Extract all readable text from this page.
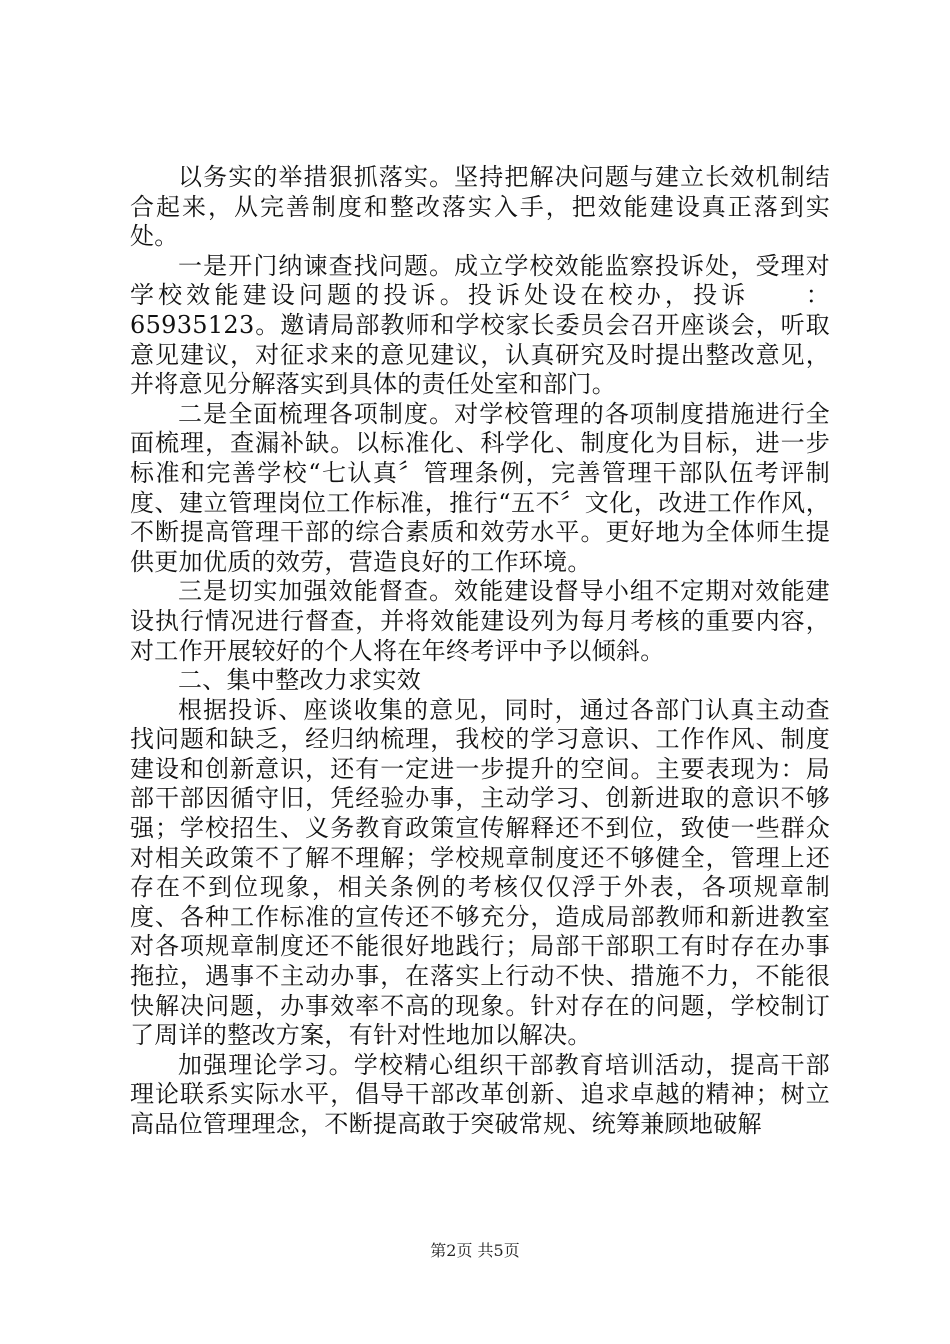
以务实的举措狠抓落实。坚持把解决问题与建立长效机制结合起来，从完善制度和整改落实入手，把效能建设真正落到实处。

一是开门纳谏查找问题。成立学校效能监察投诉处，受理对学校效能建设问题的投诉。投诉处设在校办，投诉　　：65935123。邀请局部教师和学校家长委员会召开座谈会，听取意见建议，对征求来的意见建议，认真研究及时提出整改意见，并将意见分解落实到具体的责任处室和部门。

二是全面梳理各项制度。对学校管理的各项制度措施进行全面梳理，查漏补缺。以标准化、科学化、制度化为目标，进一步标准和完善学校“七认真〞管理条例，完善管理干部队伍考评制度、建立管理岗位工作标准，推行“五不〞文化，改进工作作风，不断提高管理干部的综合素质和效劳水平。更好地为全体师生提供更加优质的效劳，营造良好的工作环境。

三是切实加强效能督查。效能建设督导小组不定期对效能建设执行情况进行督查，并将效能建设列为每月考核的重要内容，对工作开展较好的个人将在年终考评中予以倾斜。

二、集中整改力求实效

根据投诉、座谈收集的意见，同时，通过各部门认真主动查找问题和缺乏，经归纳梳理，我校的学习意识、工作作风、制度建设和创新意识，还有一定进一步提升的空间。主要表现为：局部干部因循守旧，凭经验办事，主动学习、创新进取的意识不够强；学校招生、义务教育政策宣传解释还不到位，致使一些群众对相关政策不了解不理解；学校规章制度还不够健全，管理上还存在不到位现象，相关条例的考核仅仅浮于外表，各项规章制度、各种工作标准的宣传还不够充分，造成局部教师和新进教室对各项规章制度还不能很好地践行；局部干部职工有时存在办事拖拉，遇事不主动办事，在落实上行动不快、措施不力，不能很快解决问题，办事效率不高的现象。针对存在的问题，学校制订了周详的整改方案，有针对性地加以解决。

加强理论学习。学校精心组织干部教育培训活动，提高干部理论联系实际水平，倡导干部改革创新、追求卓越的精神；树立高品位管理理念，不断提高敢于突破常规、统筹兼顾地破解

第2页 共5页
